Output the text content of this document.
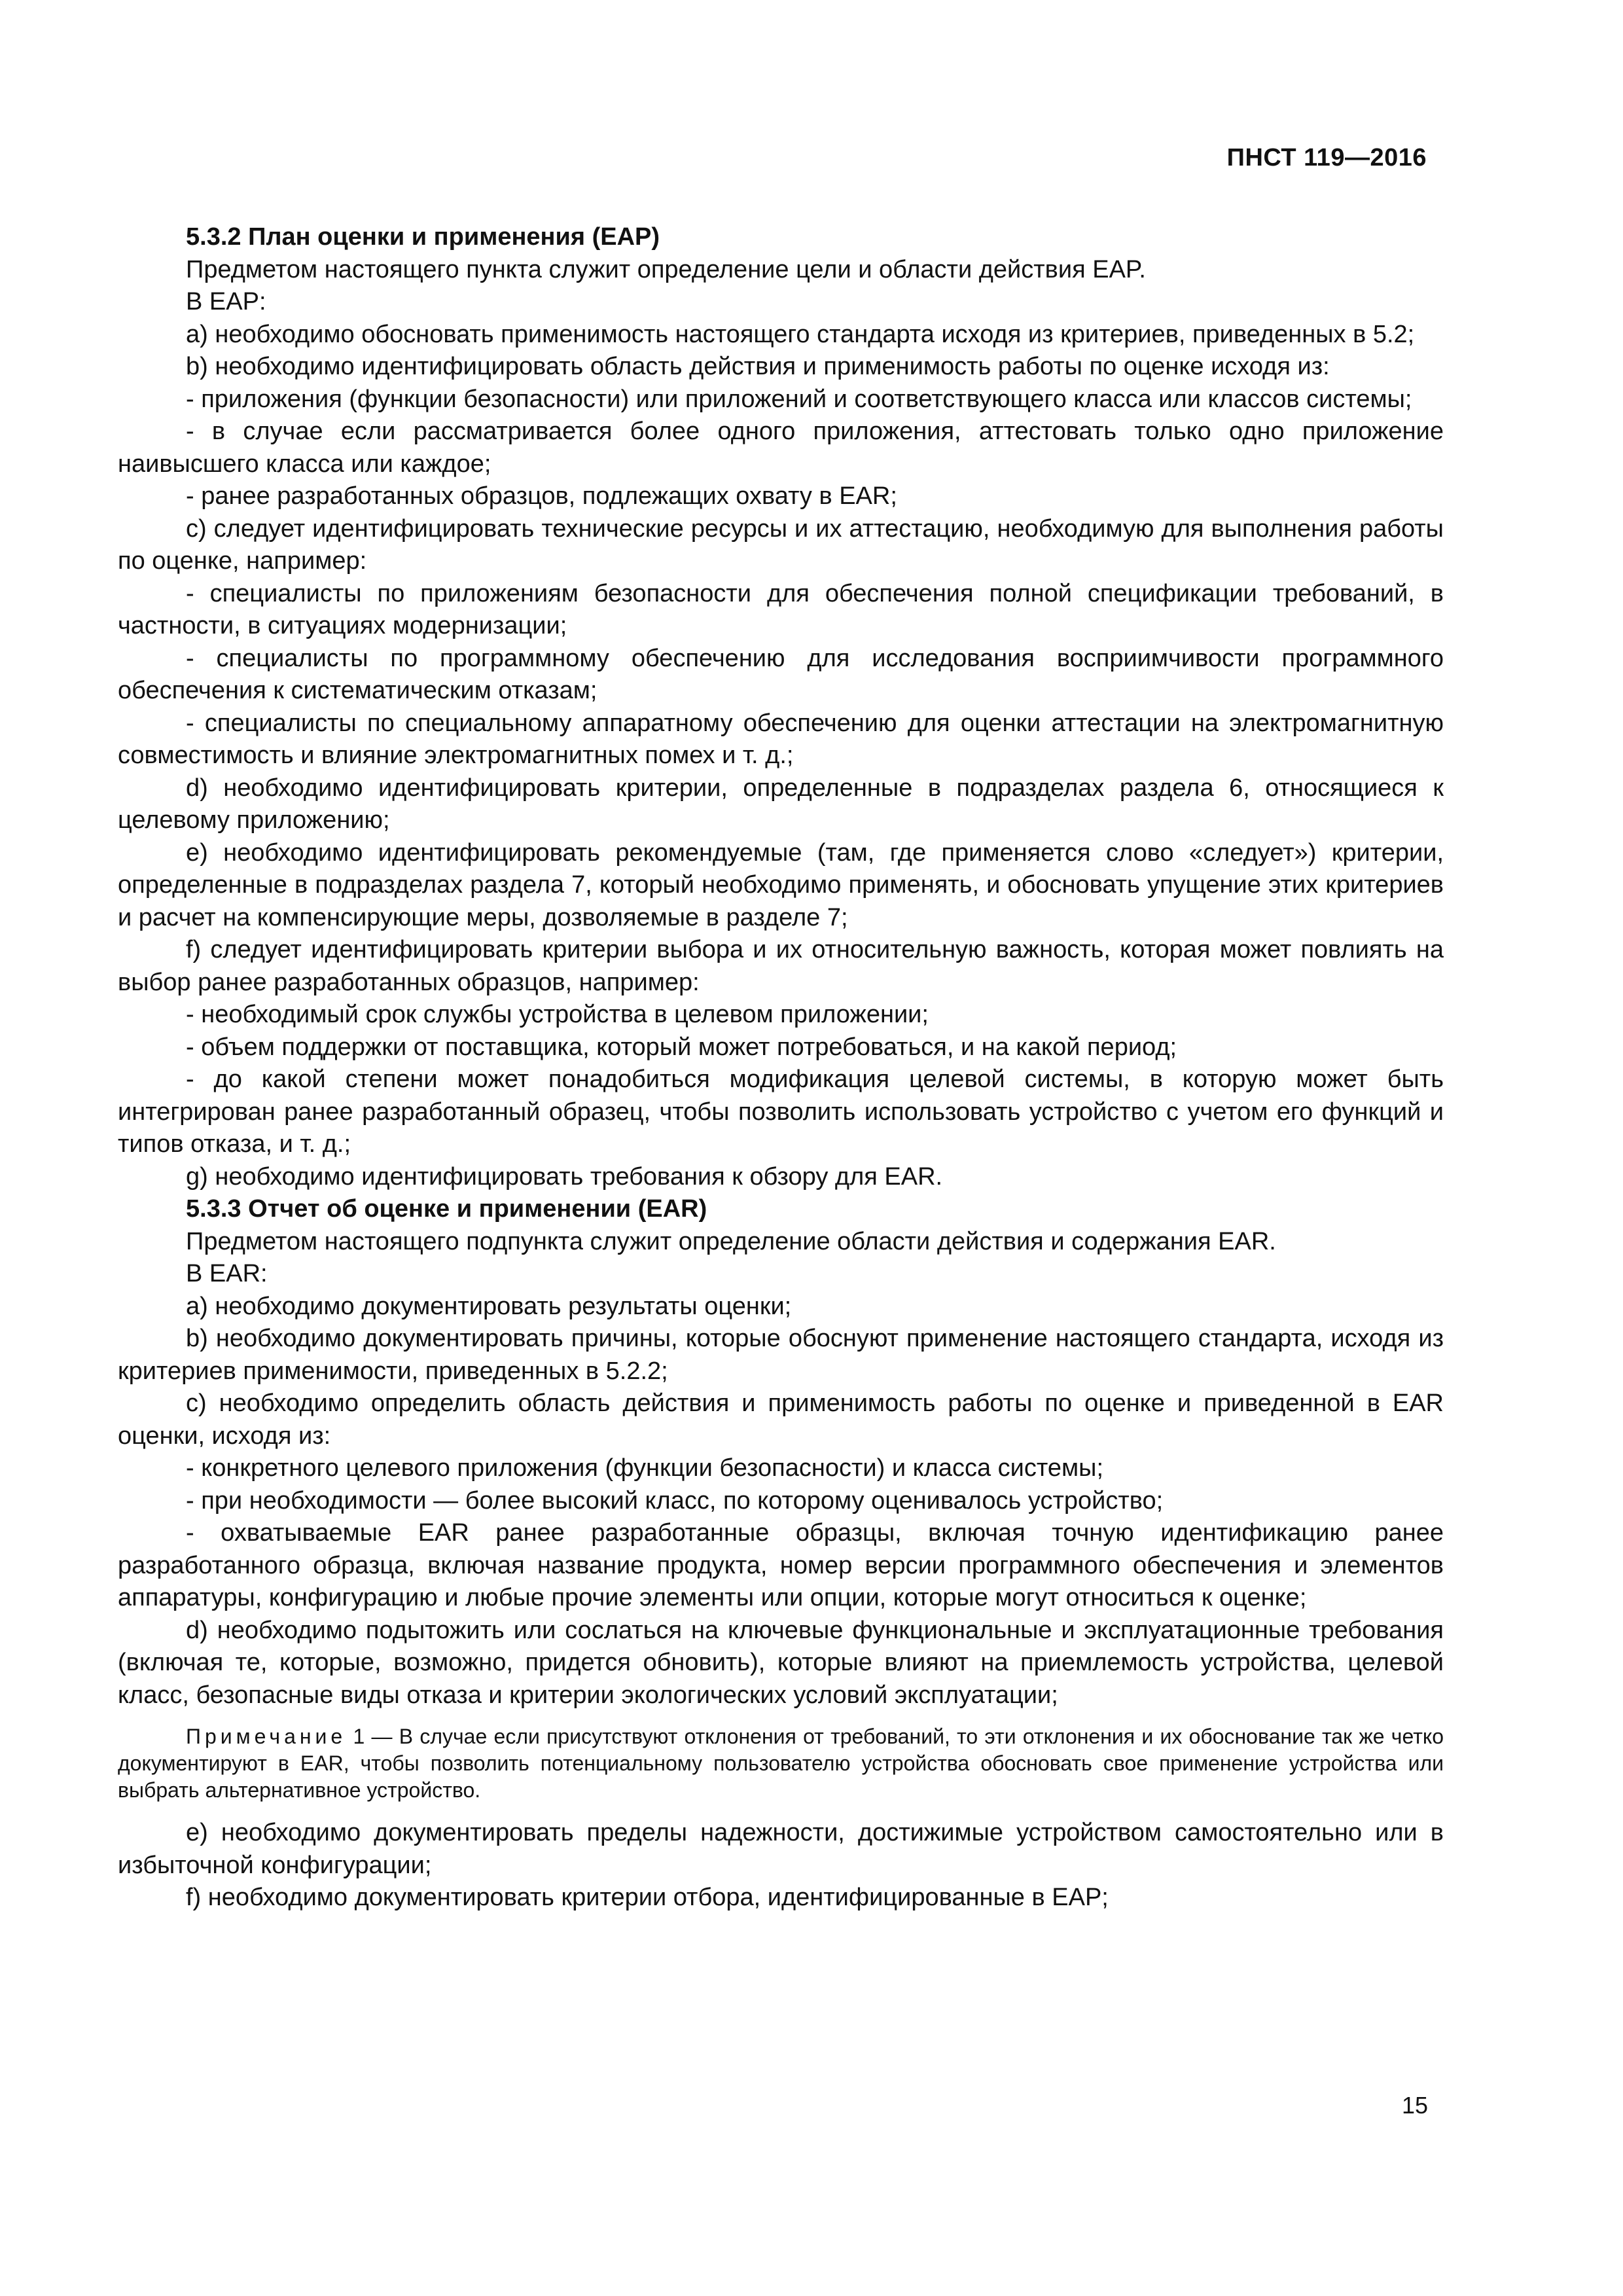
ПНСТ 119—2016

5.3.2 План оценки и применения (EAP)

Предметом настоящего пункта служит определение цели и области действия EAP.

В EAP:

a) необходимо обосновать применимость настоящего стандарта исходя из критериев, приведенных в 5.2;

b) необходимо идентифицировать область действия и применимость работы по оценке исходя из:

- приложения (функции безопасности) или приложений и соответствующего класса или классов системы;

- в случае если рассматривается более одного приложения, аттестовать только одно приложение наивысшего класса или каждое;

- ранее разработанных образцов, подлежащих охвату в EAR;

c) следует идентифицировать технические ресурсы и их аттестацию, необходимую для выполнения работы по оценке, например:

- специалисты по приложениям безопасности для обеспечения полной спецификации требований, в частности, в ситуациях модернизации;

- специалисты по программному обеспечению для исследования восприимчивости программного обеспечения к систематическим отказам;

- специалисты по специальному аппаратному обеспечению для оценки аттестации на электромагнитную совместимость и влияние электромагнитных помех и т. д.;

d) необходимо идентифицировать критерии, определенные в подразделах раздела 6, относящиеся к целевому приложению;

e) необходимо идентифицировать рекомендуемые (там, где применяется слово «следует») критерии, определенные в подразделах раздела 7, который необходимо применять, и обосновать упущение этих критериев и расчет на компенсирующие меры, дозволяемые в разделе 7;

f) следует идентифицировать критерии выбора и их относительную важность, которая может повлиять на выбор ранее разработанных образцов, например:

- необходимый срок службы устройства в целевом приложении;

- объем поддержки от поставщика, который может потребоваться, и на какой период;

- до какой степени может понадобиться модификация целевой системы, в которую может быть интегрирован ранее разработанный образец, чтобы позволить использовать устройство с учетом его функций и типов отказа, и т. д.;

g) необходимо идентифицировать требования к обзору для EAR.

5.3.3 Отчет об оценке и применении (EAR)

Предметом настоящего подпункта служит определение области действия и содержания EAR.

В EAR:

a) необходимо документировать результаты оценки;

b) необходимо документировать причины, которые обоснуют применение настоящего стандарта, исходя из критериев применимости, приведенных в 5.2.2;

c) необходимо определить область действия и применимость работы по оценке и приведенной в EAR оценки, исходя из:

- конкретного целевого приложения (функции безопасности) и класса системы;

- при необходимости — более высокий класс, по которому оценивалось устройство;

- охватываемые EAR ранее разработанные образцы, включая точную идентификацию ранее разработанного образца, включая название продукта, номер версии программного обеспечения и элементов аппаратуры, конфигурацию и любые прочие элементы или опции, которые могут относиться к оценке;

d) необходимо подытожить или сослаться на ключевые функциональные и эксплуатационные требования (включая те, которые, возможно, придется обновить), которые влияют на приемлемость устройства, целевой класс, безопасные виды отказа и критерии экологических условий эксплуатации;

Примечание 1 — В случае если присутствуют отклонения от требований, то эти отклонения и их обоснование так же четко документируют в EAR, чтобы позволить потенциальному пользователю устройства обосновать свое применение устройства или выбрать альтернативное устройство.

e) необходимо документировать пределы надежности, достижимые устройством самостоятельно или в избыточной конфигурации;

f) необходимо документировать критерии отбора, идентифицированные в EAP;

15
